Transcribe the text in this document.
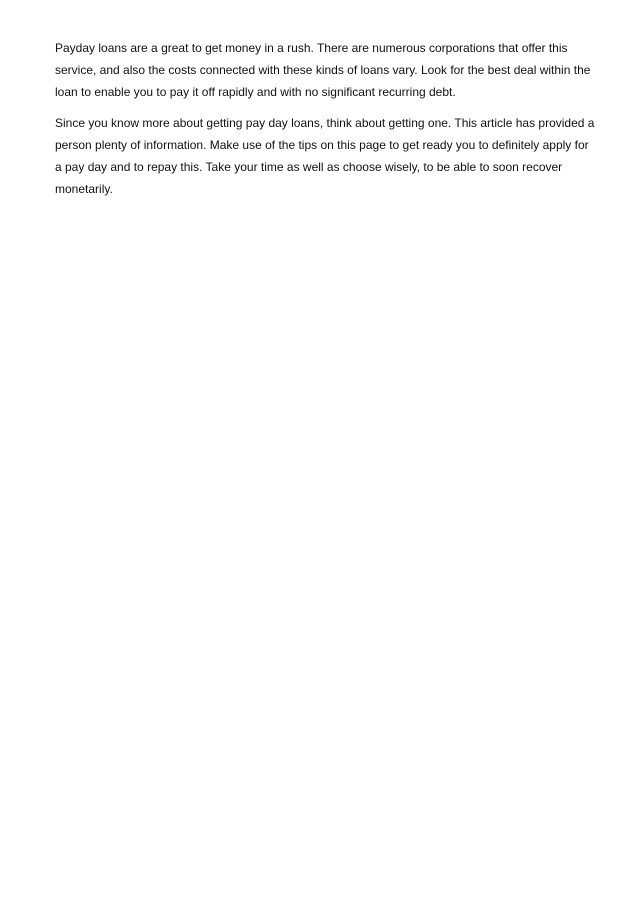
Payday loans are a great to get money in a rush. There are numerous corporations that offer this service, and also the costs connected with these kinds of loans vary. Look for the best deal within the loan to enable you to pay it off rapidly and with no significant recurring debt.

Since you know more about getting pay day loans, think about getting one. This article has provided a person plenty of information. Make use of the tips on this page to get ready you to definitely apply for a pay day and to repay this. Take your time as well as choose wisely, to be able to soon recover monetarily.
